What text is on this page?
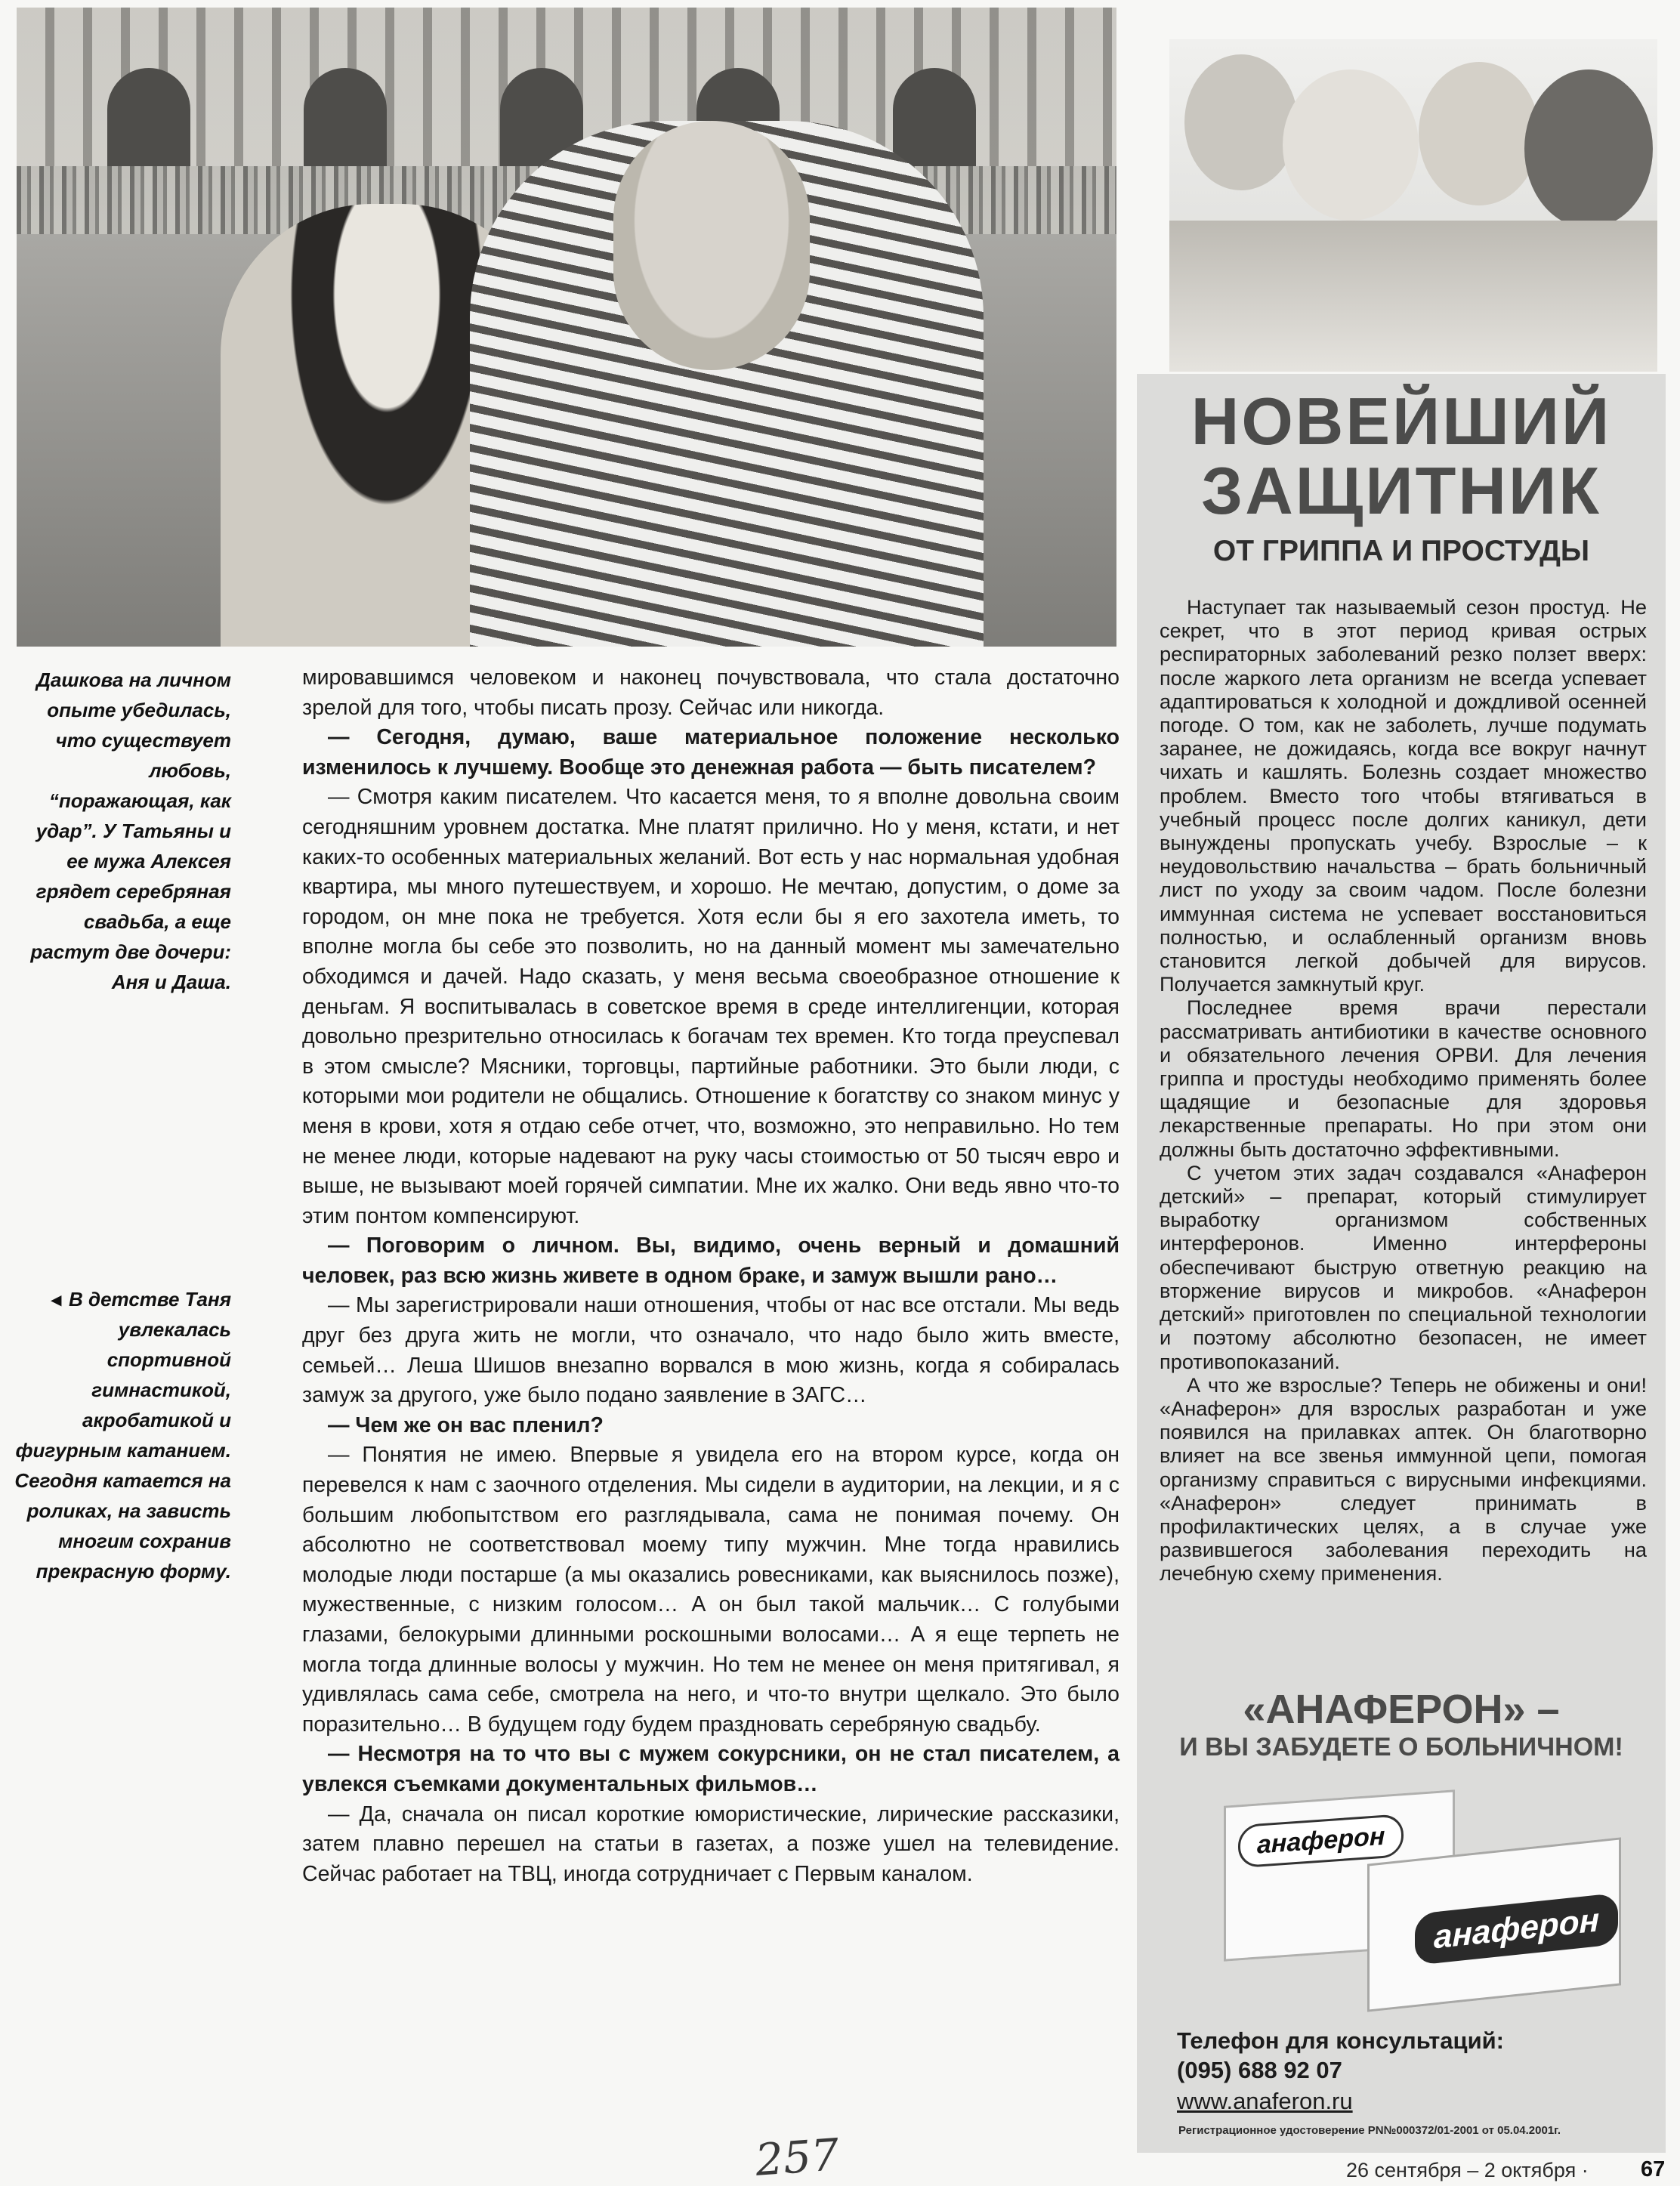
Дашкова на личном опыте убедилась, что существует любовь, “поражающая, как удар”. У Татьяны и ее мужа Алексея грядет серебряная свадьба, а еще растут две дочери: Аня и Даша.
◂ В детстве Таня увлекалась спортивной гимнастикой, акробатикой и фигурным катанием. Сегодня катается на роликах, на зависть многим сохранив прекрасную форму.

мировавшимся человеком и наконец почувствовала, что стала достаточно зрелой для того, чтобы писать прозу. Сейчас или никогда.

— Сегодня, думаю, ваше материальное положение несколько изменилось к лучшему. Вообще это денежная работа — быть писателем?

— Смотря каким писателем. Что касается меня, то я вполне довольна своим сегодняшним уровнем достатка. Мне платят прилично. Но у меня, кстати, и нет каких-то особенных материальных желаний. Вот есть у нас нормальная удобная квартира, мы много путешествуем, и хорошо. Не мечтаю, допустим, о доме за городом, он мне пока не требуется. Хотя если бы я его захотела иметь, то вполне могла бы себе это позволить, но на данный момент мы замечательно обходимся и дачей. Надо сказать, у меня весьма своеобразное отношение к деньгам. Я воспитывалась в советское время в среде интеллигенции, которая довольно презрительно относилась к богачам тех времен. Кто тогда преуспевал в этом смысле? Мясники, торговцы, партийные работники. Это были люди, с которыми мои родители не общались. Отношение к богатству со знаком минус у меня в крови, хотя я отдаю себе отчет, что, возможно, это неправильно. Но тем не менее люди, которые надевают на руку часы стоимостью от 50 тысяч евро и выше, не вызывают моей горячей симпатии. Мне их жалко. Они ведь явно что-то этим понтом компенсируют.

— Поговорим о личном. Вы, видимо, очень верный и домашний человек, раз всю жизнь живете в одном браке, и замуж вышли рано…

— Мы зарегистрировали наши отношения, чтобы от нас все отстали. Мы ведь друг без друга жить не могли, что означало, что надо было жить вместе, семьей… Леша Шишов внезапно ворвался в мою жизнь, когда я собиралась замуж за другого, уже было подано заявление в ЗАГС…

— Чем же он вас пленил?

— Понятия не имею. Впервые я увидела его на втором курсе, когда он перевелся к нам с заочного отделения. Мы сидели в аудитории, на лекции, и я с большим любопытством его разглядывала, сама не понимая почему. Он абсолютно не соответствовал моему типу мужчин. Мне тогда нравились молодые люди постарше (а мы оказались ровесниками, как выяснилось позже), мужественные, с низким голосом… А он был такой мальчик… С голубыми глазами, белокурыми длинными роскошными волосами… А я еще терпеть не могла тогда длинные волосы у мужчин. Но тем не менее он меня притягивал, я удивлялась сама себе, смотрела на него, и что-то внутри щелкало. Это было поразительно… В будущем году будем праздновать серебряную свадьбу.

— Несмотря на то что вы с мужем сокурсники, он не стал писателем, а увлекся съемками документальных фильмов…

— Да, сначала он писал короткие юмористические, лирические рассказики, затем плавно перешел на статьи в газетах, а позже ушел на телевидение. Сейчас работает на ТВЦ, иногда сотрудничает с Первым каналом.

НОВЕЙШИЙ
ЗАЩИТНИК
ОТ ГРИППА И ПРОСТУДЫ

Наступает так называемый сезон простуд. Не секрет, что в этот период кривая острых респираторных заболеваний резко ползет вверх: после жаркого лета организм не всегда успевает адаптироваться к холодной и дождливой осенней погоде. О том, как не заболеть, лучше подумать заранее, не дожидаясь, когда все вокруг начнут чихать и кашлять. Болезнь создает множество проблем. Вместо того чтобы втягиваться в учебный процесс после долгих каникул, дети вынуждены пропускать учебу. Взрослые – к неудовольствию начальства – брать больничный лист по уходу за своим чадом. После болезни иммунная система не успевает восстановиться полностью, и ослабленный организм вновь становится легкой добычей для вирусов. Получается замкнутый круг.

Последнее время врачи перестали рассматривать антибиотики в качестве основного и обязательного лечения ОРВИ. Для лечения гриппа и простуды необходимо применять более щадящие и безопасные для здоровья лекарственные препараты. Но при этом они должны быть достаточно эффективными.

С учетом этих задач создавался «Анаферон детский» – препарат, который стимулирует выработку организмом собственных интерферонов. Именно интерфероны обеспечивают быструю ответную реакцию на вторжение вирусов и микробов. «Анаферон детский» приготовлен по специальной технологии и поэтому абсолютно безопасен, не имеет противопоказаний.

А что же взрослые? Теперь не обижены и они! «Анаферон» для взрослых разработан и уже появился на прилавках аптек. Он благотворно влияет на все звенья иммунной цепи, помогая организму справиться с вирусными инфекциями. «Анаферон» следует принимать в профилактических целях, а в случае уже развившегося заболевания переходить на лечебную схему применения.

«АНАФЕРОН» –
И ВЫ ЗАБУДЕТЕ О БОЛЬНИЧНОМ!
анаферон
анаферон
Телефон для консультаций:
(095) 688 92 07
www.anaferon.ru
Регистрационное удостоверение РN№000372/01-2001 от 05.04.2001г.
257	26 сентября – 2 октября · 67
